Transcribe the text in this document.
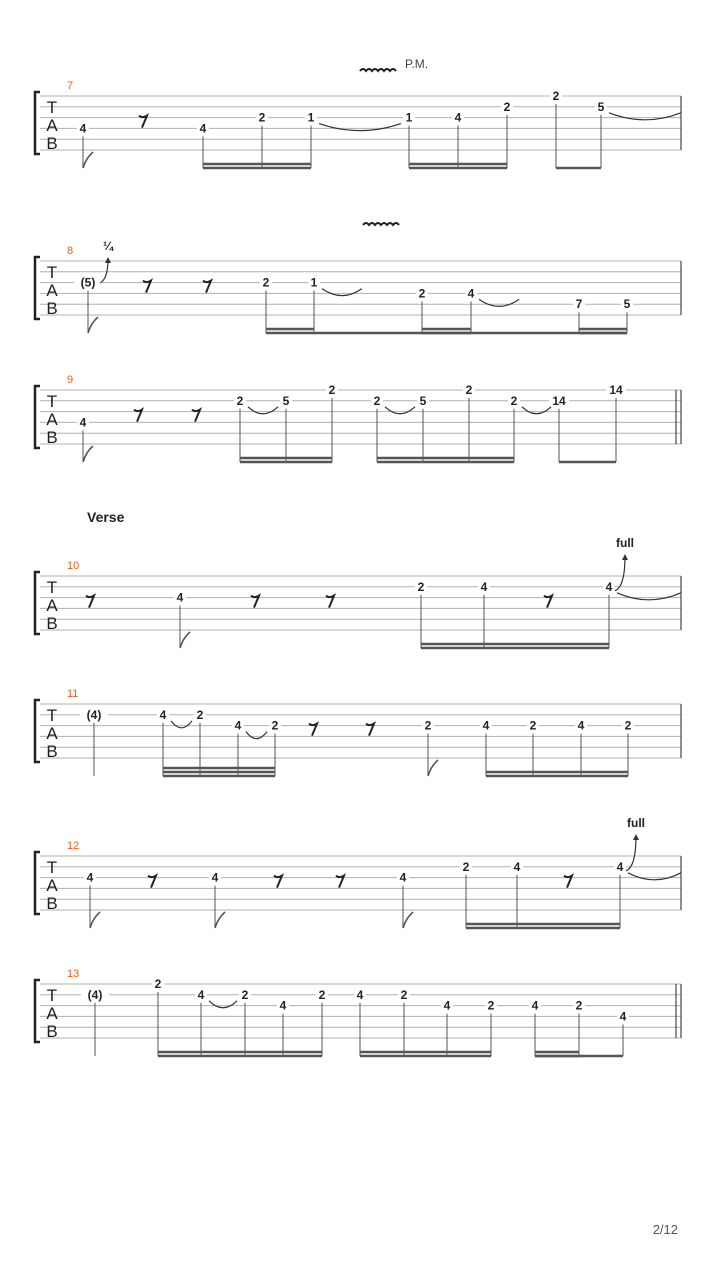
T
A
B
7
4	4
2	1	1	4
2
2
5
P.M.
T
A
B
8
(5)	2	1
2	4
7	5
¼
T
A
B
9
4
2	5
2
2	5
2
2	14
14
T
A
B
10
4
2	4	4
Verse
full
T
A
B
11
(4)	4	2
4	2	2	4	2	4	2
T
A
B
12
4	4	4
2	4	4
full
T
A
B
13
(4)
2
4	2
4
2	4	2
4	2	4	2
4
2/12
